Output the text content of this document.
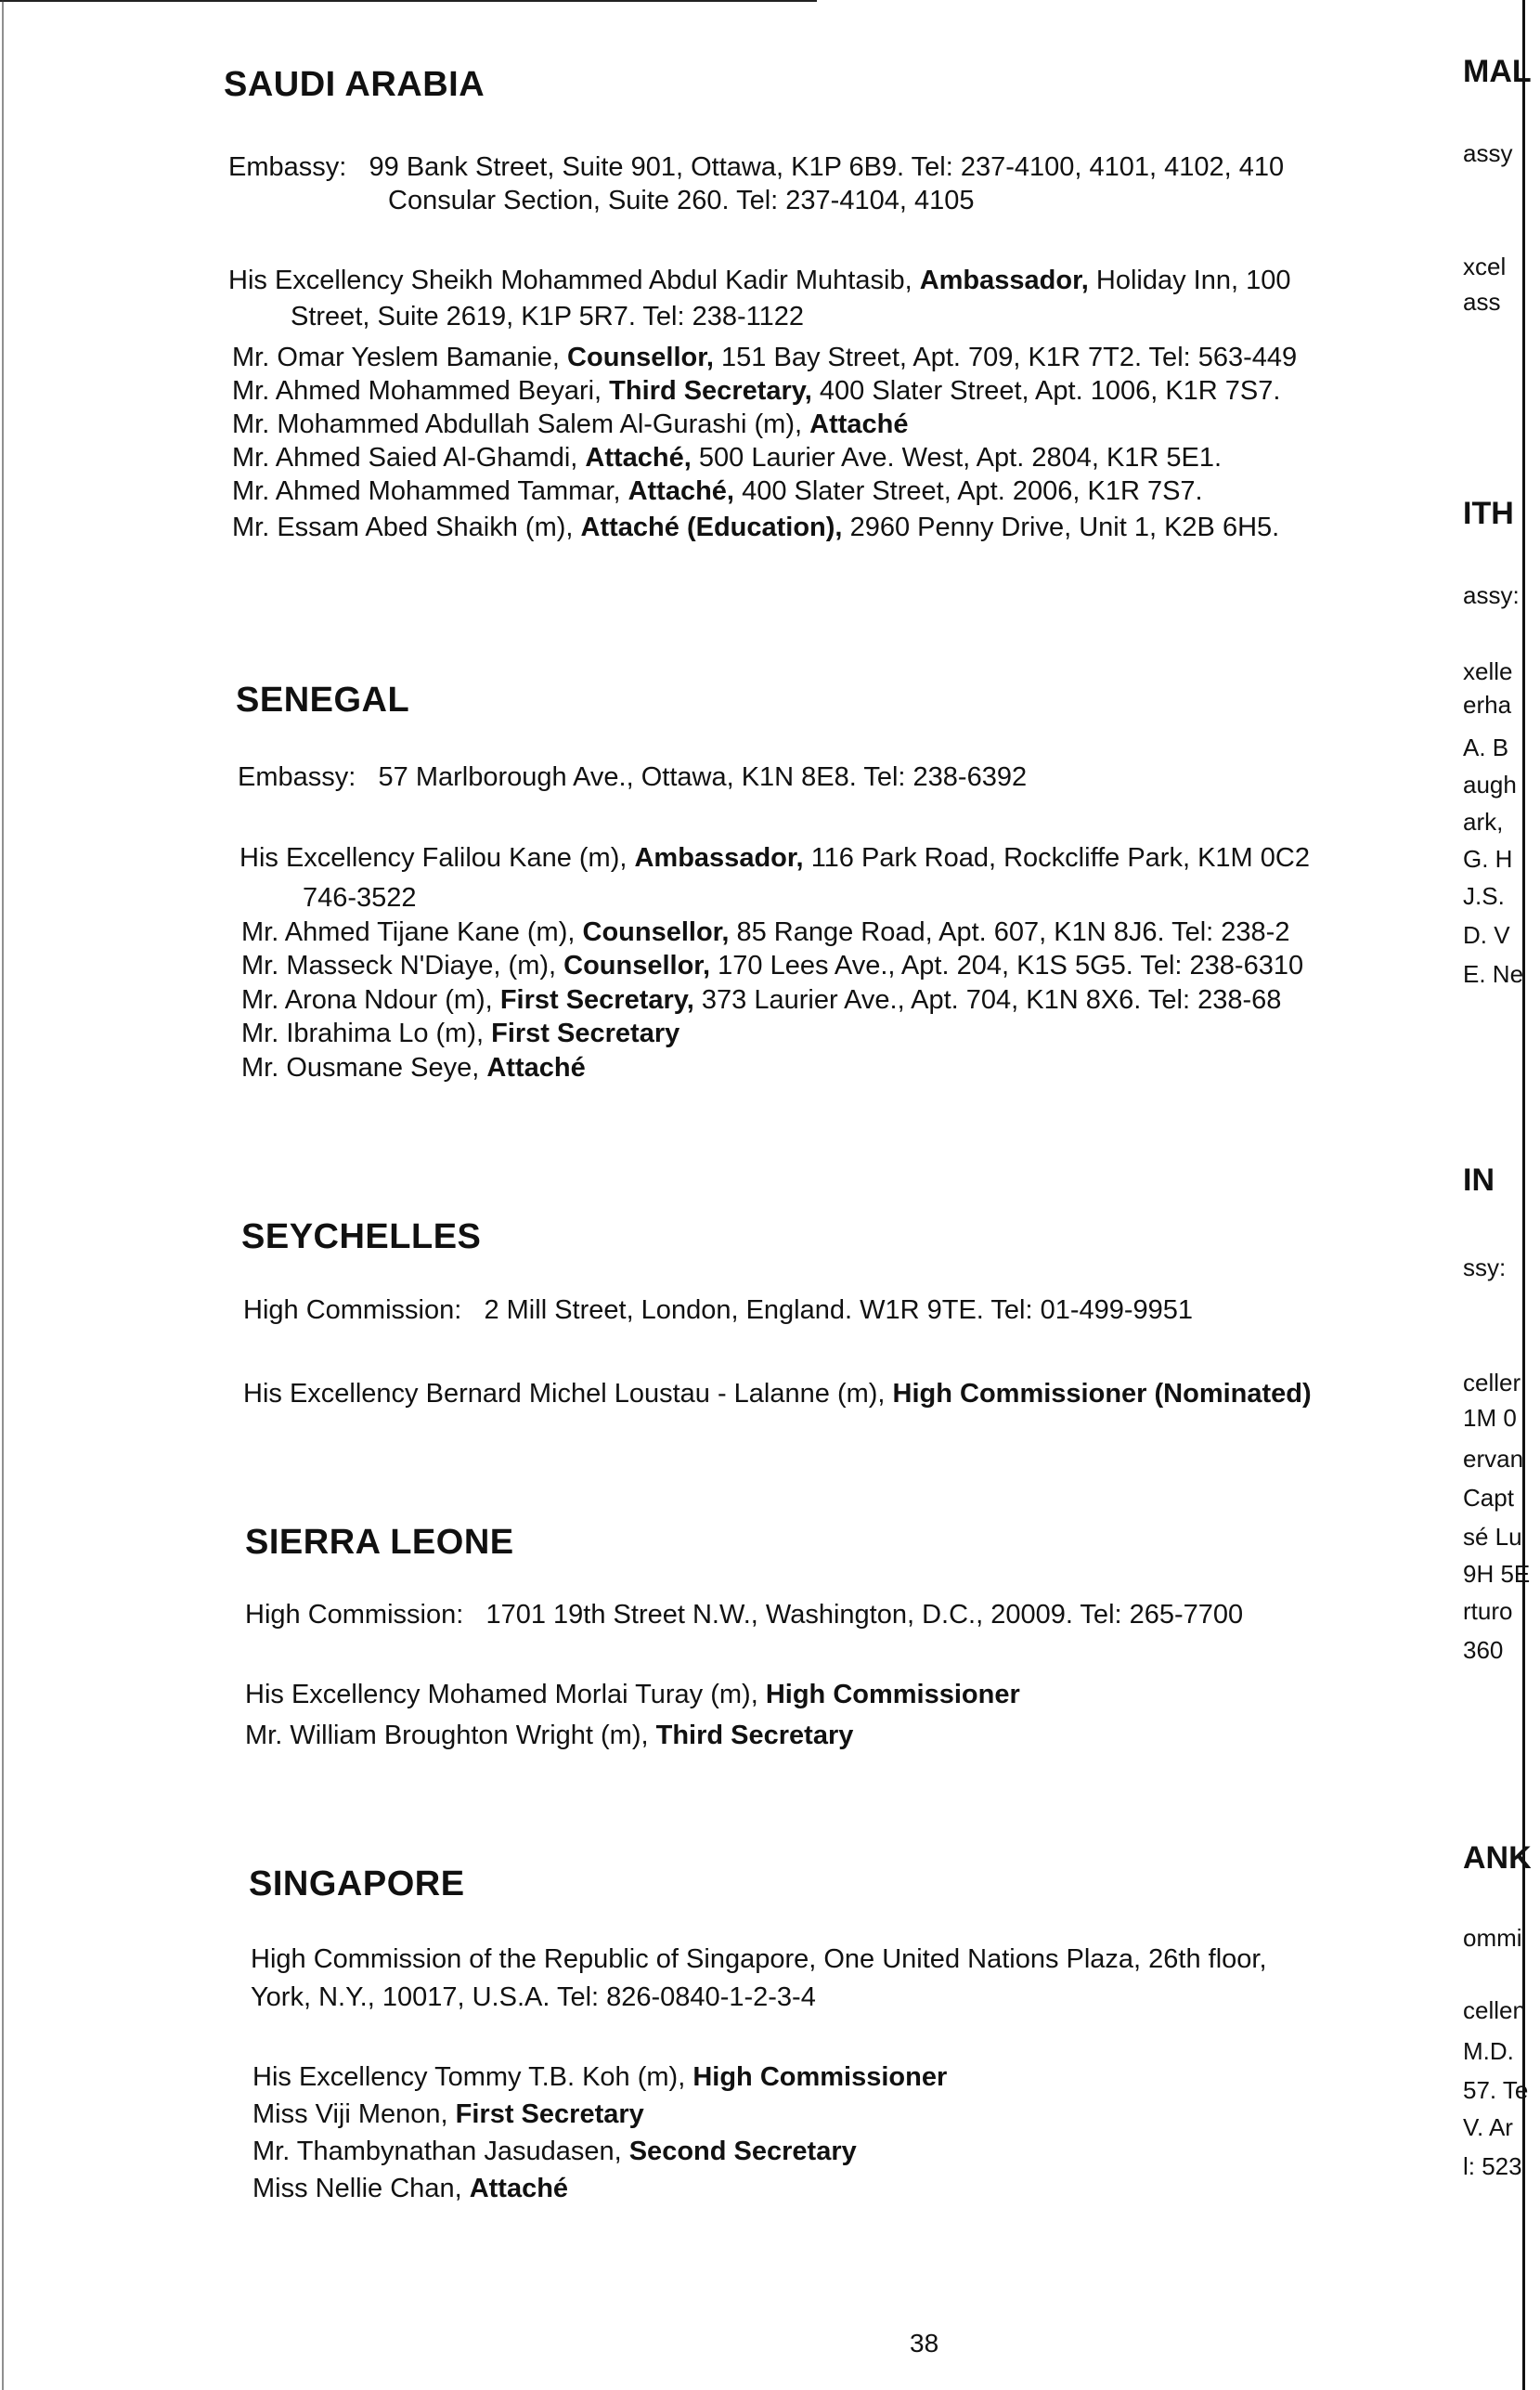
SAUDI ARABIA
Embassy: 99 Bank Street, Suite 901, Ottawa, K1P 6B9. Tel: 237-4100, 4101, 4102, 410
Consular Section, Suite 260. Tel: 237-4104, 4105
His Excellency Sheikh Mohammed Abdul Kadir Muhtasib, Ambassador, Holiday Inn, 100
Street, Suite 2619, K1P 5R7. Tel: 238-1122
Mr. Omar Yeslem Bamanie, Counsellor, 151 Bay Street, Apt. 709, K1R 7T2. Tel: 563-449
Mr. Ahmed Mohammed Beyari, Third Secretary, 400 Slater Street, Apt. 1006, K1R 7S7.
Mr. Mohammed Abdullah Salem Al-Gurashi (m), Attaché
Mr. Ahmed Saied Al-Ghamdi, Attaché, 500 Laurier Ave. West, Apt. 2804, K1R 5E1.
Mr. Ahmed Mohammed Tammar, Attaché, 400 Slater Street, Apt. 2006, K1R 7S7.
Mr. Essam Abed Shaikh (m), Attaché (Education), 2960 Penny Drive, Unit 1, K2B 6H5.
SENEGAL
Embassy: 57 Marlborough Ave., Ottawa, K1N 8E8. Tel: 238-6392
His Excellency Falilou Kane (m), Ambassador, 116 Park Road, Rockcliffe Park, K1M 0C2
746-3522
Mr. Ahmed Tijane Kane (m), Counsellor, 85 Range Road, Apt. 607, K1N 8J6. Tel: 238-2
Mr. Masseck N'Diaye, (m), Counsellor, 170 Lees Ave., Apt. 204, K1S 5G5. Tel: 238-6310
Mr. Arona Ndour (m), First Secretary, 373 Laurier Ave., Apt. 704, K1N 8X6. Tel: 238-68
Mr. Ibrahima Lo (m), First Secretary
Mr. Ousmane Seye, Attaché
SEYCHELLES
High Commission: 2 Mill Street, London, England. W1R 9TE. Tel: 01-499-9951
His Excellency Bernard Michel Loustau - Lalanne (m), High Commissioner (Nominated)
SIERRA LEONE
High Commission: 1701 19th Street N.W., Washington, D.C., 20009. Tel: 265-7700
His Excellency Mohamed Morlai Turay (m), High Commissioner
Mr. William Broughton Wright (m), Third Secretary
SINGAPORE
High Commission of the Republic of Singapore, One United Nations Plaza, 26th floor,
York, N.Y., 10017, U.S.A. Tel: 826-0840-1-2-3-4
His Excellency Tommy T.B. Koh (m), High Commissioner
Miss Viji Menon, First Secretary
Mr. Thambynathan Jasudasen, Second Secretary
Miss Nellie Chan, Attaché
38
MAL
assy
xcel
ass
ITH
assy:
xelle
erha
A. B
augh
ark,
G. H
J.S.
D. V
E. Ne
IN
ssy:
celler
1M 0
ervan
Capt
sé Lu
9H 5E
rturo
360
ANK
ommi
cellen
M.D.
57. Te
V. Ar
l: 523
